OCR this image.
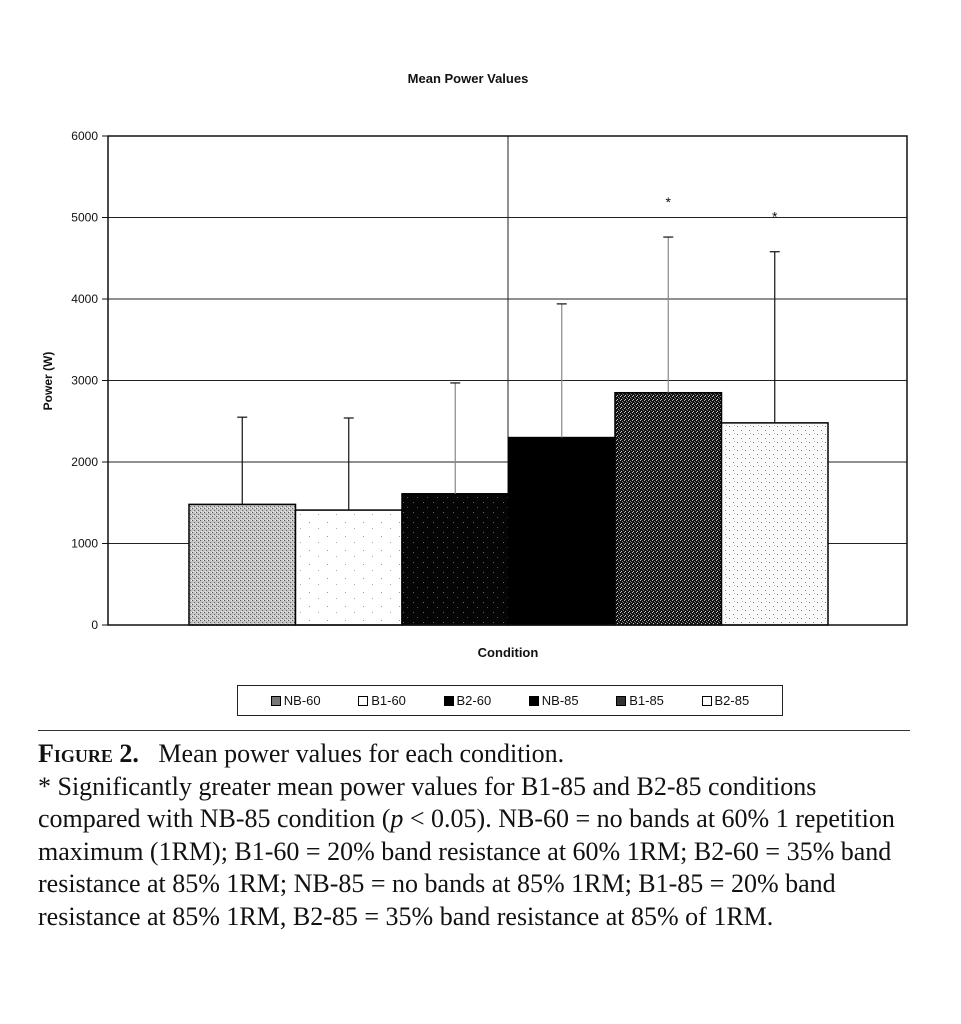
Mean Power Values
Power (W)
Condition
0
1000
2000
3000
4000
5000
6000
*
*
NB-60	B1-60	B2-60	NB-85	B1-85	B2-85

Figure 2. Mean power values for each condition.
* Significantly greater mean power values for B1-85 and B2-85 conditions compared with NB-85 condition (p < 0.05). NB-60 = no bands at 60% 1 repetition maximum (1RM); B1-60 = 20% band resistance at 60% 1RM; B2-60 = 35% band resistance at 85% 1RM; NB-85 = no bands at 85% 1RM; B1-85 = 20% band resistance at 85% 1RM, B2-85 = 35% band resistance at 85% of 1RM.
